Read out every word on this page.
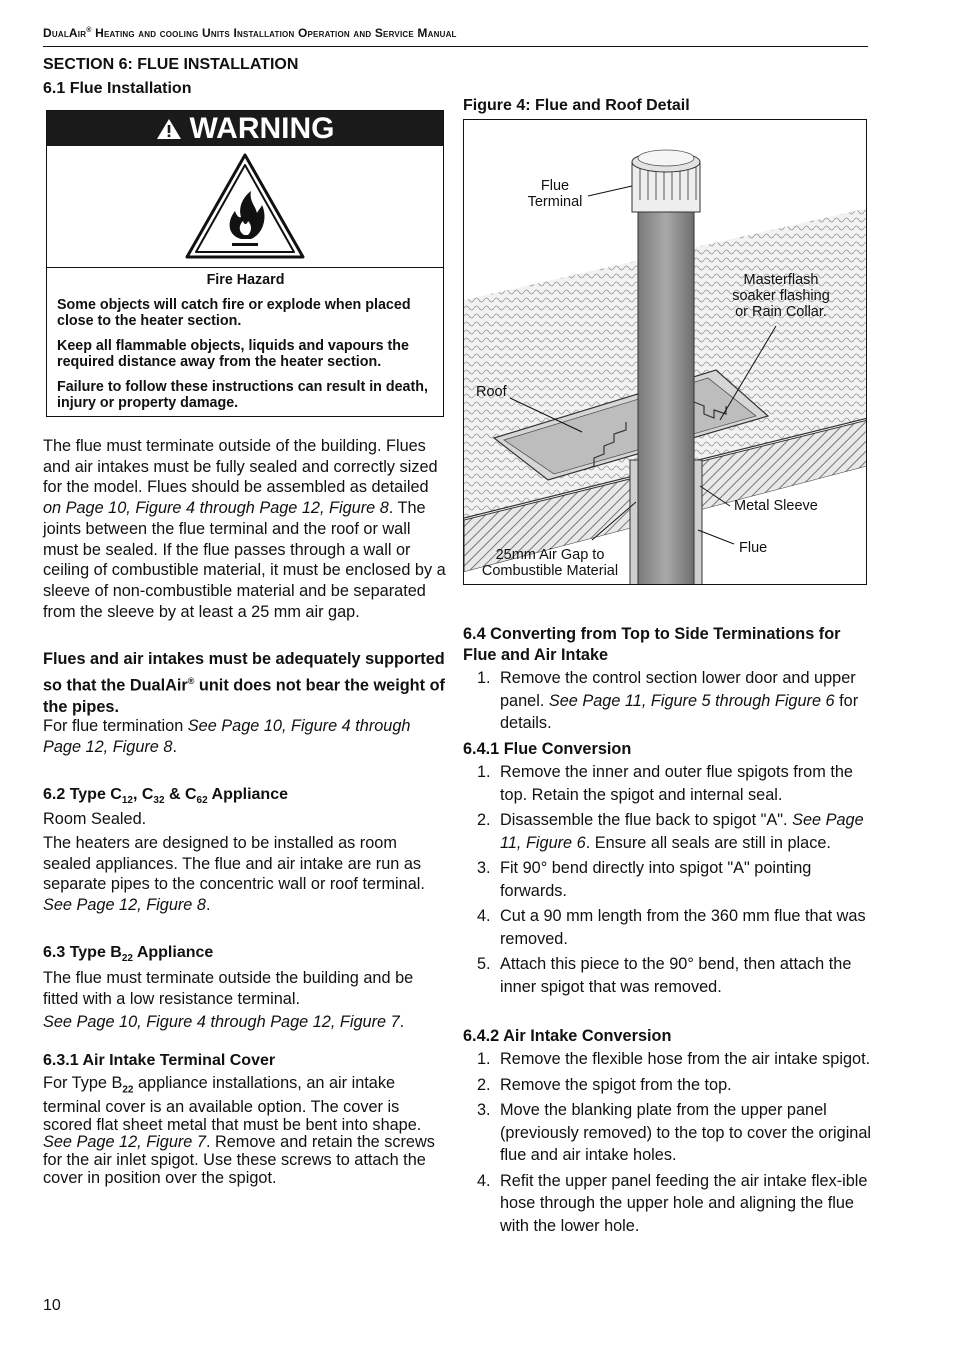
DualAir® Heating and cooling Units Installation Operation and Service Manual
SECTION 6: FLUE INSTALLATION
6.1 Flue Installation
WARNING
Fire Hazard

Some objects will catch fire or explode when placed close to the heater section.

Keep all flammable objects, liquids and vapours the required distance away from the heater section.

Failure to follow these instructions can result in death, injury or property damage.

The flue must terminate outside of the building. Flues and air intakes must be fully sealed and correctly sized for the model. Flues should be assembled as detailed on Page 10, Figure 4 through Page 12, Figure 8. The joints between the flue terminal and the roof or wall must be sealed. If the flue passes through a wall or ceiling of combustible material, it must be enclosed by a sleeve of non-combustible material and be separated from the sleeve by at least a 25 mm air gap.

Flues and air intakes must be adequately supported so that the DualAir® unit does not bear the weight of the pipes.

For flue termination See Page 10, Figure 4 through Page 12, Figure 8.

6.2 Type $C_{12}$, $C_{32}$ & $C_{62}$ Appliance
Room Sealed.

The heaters are designed to be installed as room sealed appliances. The flue and air intake are run as separate pipes to the concentric wall or roof terminal. See Page 12, Figure 8.

6.3 Type $B_{22}$ Appliance
The flue must terminate outside the building and be fitted with a low resistance terminal.
See Page 10, Figure 4 through Page 12, Figure 7.
6.3.1 Air Intake Terminal Cover

For Type $B_{22}$ appliance installations, an air intake terminal cover is an available option. The cover is scored flat sheet metal that must be bent into shape. See Page 12, Figure 7. Remove and retain the screws for the air inlet spigot. Use these screws to attach the cover in position over the spigot.

Figure 4: Flue and Roof Detail
Flue
Terminal
Masterflash
soaker flashing
or Rain Collar.
Roof
Metal Sleeve
Flue
25mm Air Gap to
Combustible Material
6.4 Converting from Top to Side Terminations for Flue and Air Intake
1. Remove the control section lower door and upper panel. See Page 11, Figure 5 through Figure 6 for details.
6.4.1 Flue Conversion
1. Remove the inner and outer flue spigots from the top. Retain the spigot and internal seal.
2. Disassemble the flue back to spigot "A". See Page 11, Figure 6. Ensure all seals are still in place.
3. Fit 90° bend directly into spigot "A" pointing forwards.
4. Cut a 90 mm length from the 360 mm flue that was removed.
5. Attach this piece to the 90° bend, then attach the inner spigot that was removed.
6.4.2 Air Intake Conversion
1. Remove the flexible hose from the air intake spigot.
2. Remove the spigot from the top.
3. Move the blanking plate from the upper panel (previously removed) to the top to cover the original flue and air intake holes.
4. Refit the upper panel feeding the air intake flex-ible hose through the upper hole and aligning the flue with the lower hole.
10
